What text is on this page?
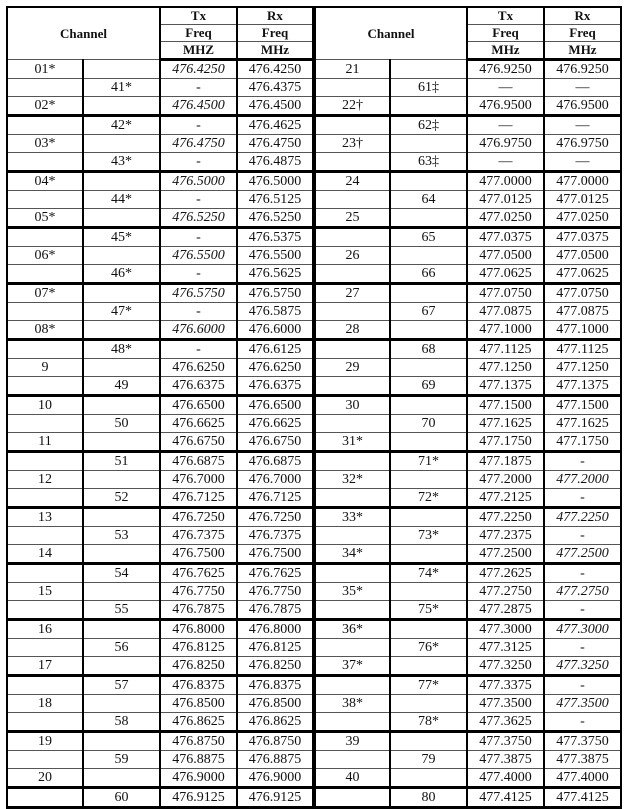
Channel		Tx	Rx	Channel		Tx	Rx
		Freq	Freq			Freq	Freq
		MHZ	MHz			MHz	MHz
01*		476.4250	476.4250	21		476.9250	476.9250
	41*	-	476.4375		61‡	—	—
02*		476.4500	476.4500	22†		476.9500	476.9500
	42*	-	476.4625		62‡	—	—
03*		476.4750	476.4750	23†		476.9750	476.9750
	43*	-	476.4875		63‡	—	—
04*		476.5000	476.5000	24		477.0000	477.0000
	44*	-	476.5125		64	477.0125	477.0125
05*		476.5250	476.5250	25		477.0250	477.0250
	45*	-	476.5375		65	477.0375	477.0375
06*		476.5500	476.5500	26		477.0500	477.0500
	46*	-	476.5625		66	477.0625	477.0625
07*		476.5750	476.5750	27		477.0750	477.0750
	47*	-	476.5875		67	477.0875	477.0875
08*		476.6000	476.6000	28		477.1000	477.1000
	48*	-	476.6125		68	477.1125	477.1125
9		476.6250	476.6250	29		477.1250	477.1250
	49	476.6375	476.6375		69	477.1375	477.1375
10		476.6500	476.6500	30		477.1500	477.1500
	50	476.6625	476.6625		70	477.1625	477.1625
11		476.6750	476.6750	31*		477.1750	477.1750
	51	476.6875	476.6875		71*	477.1875	-
12		476.7000	476.7000	32*		477.2000	477.2000
	52	476.7125	476.7125		72*	477.2125	-
13		476.7250	476.7250	33*		477.2250	477.2250
	53	476.7375	476.7375		73*	477.2375	-
14		476.7500	476.7500	34*		477.2500	477.2500
	54	476.7625	476.7625		74*	477.2625	-
15		476.7750	476.7750	35*		477.2750	477.2750
	55	476.7875	476.7875		75*	477.2875	-
16		476.8000	476.8000	36*		477.3000	477.3000
	56	476.8125	476.8125		76*	477.3125	-
17		476.8250	476.8250	37*		477.3250	477.3250
	57	476.8375	476.8375		77*	477.3375	-
18		476.8500	476.8500	38*		477.3500	477.3500
	58	476.8625	476.8625		78*	477.3625	-
19		476.8750	476.8750	39		477.3750	477.3750
	59	476.8875	476.8875		79	477.3875	477.3875
20		476.9000	476.9000	40		477.4000	477.4000
	60	476.9125	476.9125		80	477.4125	477.4125
